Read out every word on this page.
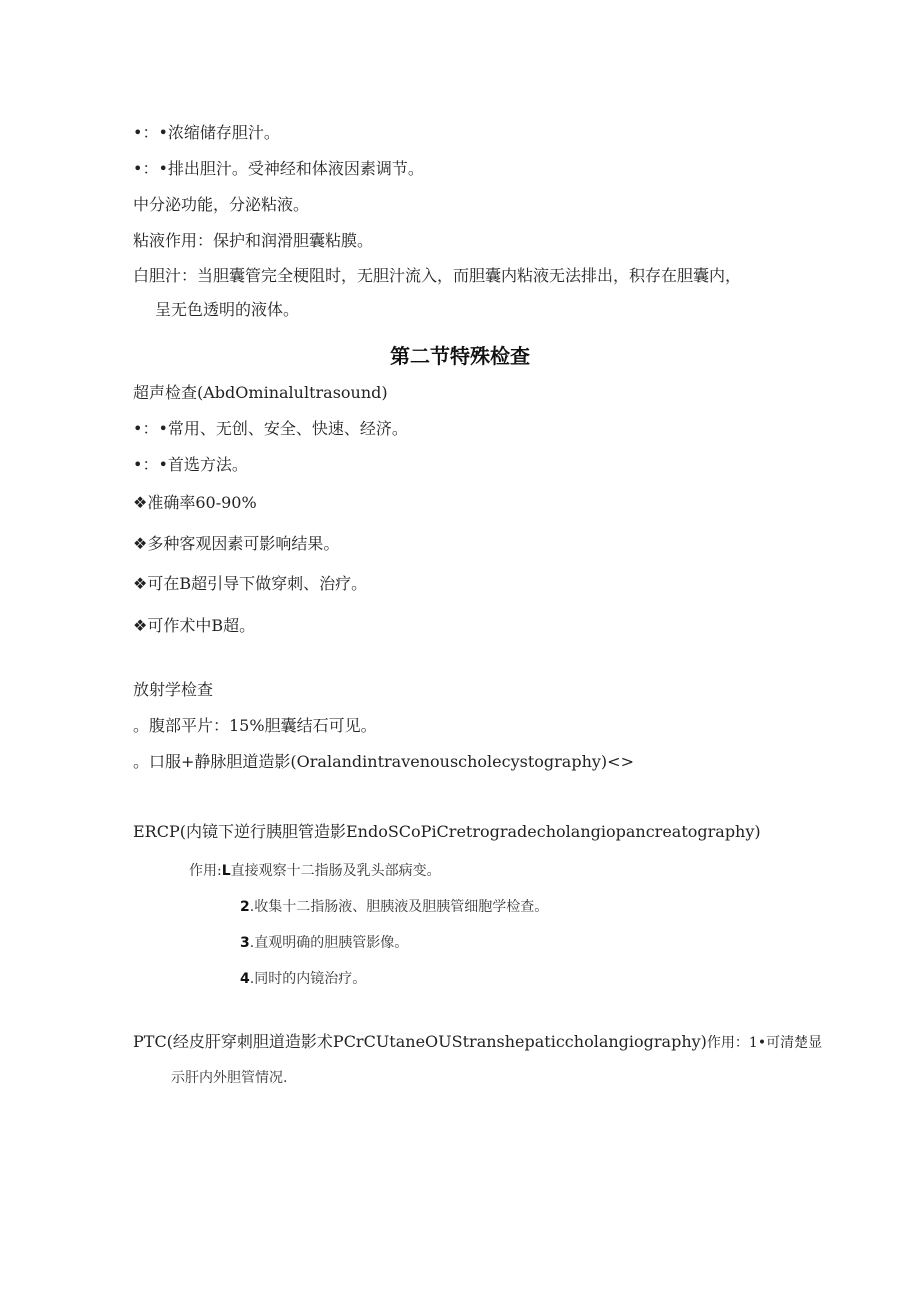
•：•浓缩储存胆汁。
•：•排出胆汁。受神经和体液因素调节。
中分泌功能，分泌粘液。
粘液作用：保护和润滑胆囊粘膜。
白胆汁：当胆囊管完全梗阻时，无胆汁流入，而胆囊内粘液无法排出，积存在胆囊内，
呈无色透明的液体。
第二节特殊检查
超声检查(AbdOminalultrasound)
•：•常用、无创、安全、快速、经济。
•：•首选方法。
❖准确率60-90%
❖多种客观因素可影响结果。
❖可在B超引导下做穿刺、治疗。
❖可作术中B超。
放射学检查
。腹部平片：15%胆囊结石可见。
。口服+静脉胆道造影(Oralandintravenouscholecystography)<>
ERCP(内镜下逆行胰胆管造影EndoSCoPiCretrogradecholangiopancreatography)
作用:L直接观察十二指肠及乳头部病变。
2.收集十二指肠液、胆胰液及胆胰管细胞学检查。
3.直观明确的胆胰管影像。
4.同时的内镜治疗。
PTC(经皮肝穿刺胆道造影术PCrCUtaneOUStranshepaticcholangiography)作用：1•可清楚显
示肝内外胆管情况.
